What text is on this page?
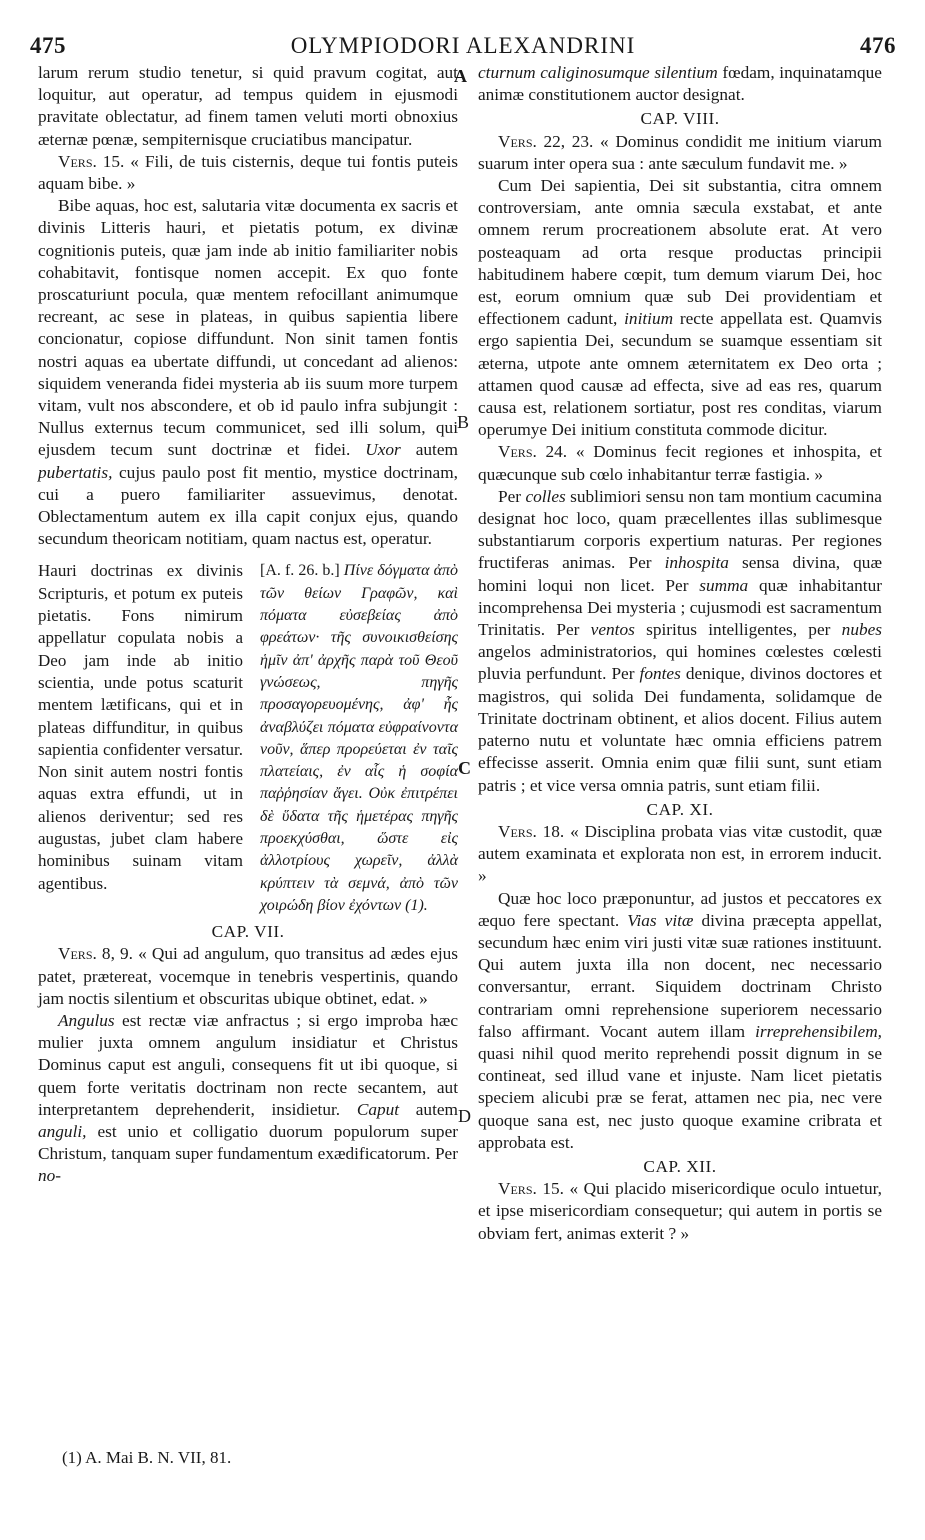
475	OLYMPIODORI ALEXANDRINI	476
A
B
C
D

larum rerum studio tenetur, si quid pravum cogitat, aut loquitur, aut operatur, ad tempus quidem in ejusmodi pravitate oblectatur, ad finem tamen veluti morti obnoxius æternæ pœnæ, sempiternisque cruciatibus mancipatur.

Vers. 15. « Fili, de tuis cisternis, deque tui fontis puteis aquam bibe. »

Bibe aquas, hoc est, salutaria vitæ documenta ex sacris et divinis Litteris hauri, et pietatis potum, ex divinæ cognitionis puteis, quæ jam inde ab initio familiariter nobis cohabitavit, fontisque nomen accepit. Ex quo fonte proscaturiunt pocula, quæ mentem refocillant animumque recreant, ac sese in plateas, in quibus sapientia libere concionatur, copiose diffundunt. Non sinit tamen fontis nostri aquas ea ubertate diffundi, ut concedant ad alienos: siquidem veneranda fidei mysteria ab iis suum more turpem vitam, vult nos abscondere, et ob id paulo infra subjungit : Nullus externus tecum communicet, sed illi solum, qui ejusdem tecum sunt doctrinæ et fidei. Uxor autem pubertatis, cujus paulo post fit mentio, mystice doctrinam, cui a puero familiariter assuevimus, denotat. Oblectamentum autem ex illa capit conjux ejus, quando secundum theoricam notitiam, quam nactus est, operatur.

Hauri doctrinas ex divinis Scripturis, et potum ex puteis pietatis. Fons nimirum appellatur copulata nobis a Deo jam inde ab initio scientia, unde potus scaturit mentem lætificans, qui et in plateas diffunditur, in quibus sapientia confidenter versatur. Non sinit autem nostri fontis aquas extra effundi, ut in alienos deriventur; sed res augustas, jubet clam habere hominibus suinam vitam agentibus.
[A. f. 26. b.] Πίνε δόγματα ἀπὸ τῶν θείων Γραφῶν, καὶ πόματα εὐσεβείας ἀπὸ φρεάτων· τῆς συνοικισθείσης ἡμῖν ἀπ' ἀρχῆς παρὰ τοῦ Θεοῦ γνώσεως, πηγῆς προσαγορευομένης, ἀφ' ἧς ἀναβλύζει πόματα εὐφραίνοντα νοῦν, ἅπερ προρεύεται ἐν ταῖς πλατείαις, ἐν αἷς ἡ σοφία παῤῥησίαν ἄγει. Οὐκ ἐπιτρέπει δὲ ὕδατα τῆς ἡμετέρας πηγῆς προεκχύσθαι, ὥστε εἰς ἀλλοτρίους χωρεῖν, ἀλλὰ κρύπτειν τὰ σεμνά, ἀπὸ τῶν χοιρώδη βίον ἐχόντων (1).

CAP. VII.

Vers. 8, 9. « Qui ad angulum, quo transitus ad ædes ejus patet, prætereat, vocemque in tenebris vespertinis, quando jam noctis silentium et obscuritas ubique obtinet, edat. »

Angulus est rectæ viæ anfractus ; si ergo improba hæc mulier juxta omnem angulum insidiatur et Christus Dominus caput est anguli, consequens fit ut ibi quoque, si quem forte veritatis doctrinam non recte secantem, aut interpretantem deprehenderit, insidietur. Caput autem anguli, est unio et colligatio duorum populorum super Christum, tanquam super fundamentum exædificatorum. Per no-

cturnum caliginosumque silentium fœdam, inquinatamque animæ constitutionem auctor designat.

CAP. VIII.

Vers. 22, 23. « Dominus condidit me initium viarum suarum inter opera sua : ante sæculum fundavit me. »

Cum Dei sapientia, Dei sit substantia, citra omnem controversiam, ante omnia sæcula exstabat, et ante omnem rerum procreationem absolute erat. At vero posteaquam ad orta resque productas principii habitudinem habere cœpit, tum demum viarum Dei, hoc est, eorum omnium quæ sub Dei providentiam et effectionem cadunt, initium recte appellata est. Quamvis ergo sapientia Dei, secundum se suamque essentiam sit æterna, utpote ante omnem æternitatem ex Deo orta ; attamen quod causæ ad effecta, sive ad eas res, quarum causa est, relationem sortiatur, post res conditas, viarum operumye Dei initium constituta commode dicitur.

Vers. 24. « Dominus fecit regiones et inhospita, et quæcunque sub cœlo inhabitantur terræ fastigia. »

Per colles sublimiori sensu non tam montium cacumina designat hoc loco, quam præcellentes illas sublimesque substantiarum corporis expertium naturas. Per regiones fructiferas animas. Per inhospita sensa divina, quæ homini loqui non licet. Per summa quæ inhabitantur incomprehensa Dei mysteria ; cujusmodi est sacramentum Trinitatis. Per ventos spiritus intelligentes, per nubes angelos administratorios, qui homines cœlestes cœlesti pluvia perfundunt. Per fontes denique, divinos doctores et magistros, qui solida Dei fundamenta, solidamque de Trinitate doctrinam obtinent, et alios docent. Filius autem paterno nutu et voluntate hæc omnia efficiens patrem effecisse asserit. Omnia enim quæ filii sunt, sunt etiam patris ; et vice versa omnia patris, sunt etiam filii.

CAP. XI.

Vers. 18. « Disciplina probata vias vitæ custodit, quæ autem examinata et explorata non est, in errorem inducit. »

Quæ hoc loco præponuntur, ad justos et peccatores ex æquo fere spectant. Vias vitæ divina præcepta appellat, secundum hæc enim viri justi vitæ suæ rationes instituunt. Qui autem juxta illa non docent, nec necessario conversantur, errant. Siquidem doctrinam Christo contrariam omni reprehensione superiorem necessario falso affirmant. Vocant autem illam irreprehensibilem, quasi nihil quod merito reprehendi possit dignum in se contineat, sed illud vane et injuste. Nam licet pietatis speciem alicubi præ se ferat, attamen nec pia, nec vere quoque sana est, nec justo quoque examine cribrata et approbata est.

CAP. XII.

Vers. 15. « Qui placido misericordique oculo intuetur, et ipse misericordiam consequetur; qui autem in portis se obviam fert, animas exterit ? »

(1) A. Mai B. N. VII, 81.
